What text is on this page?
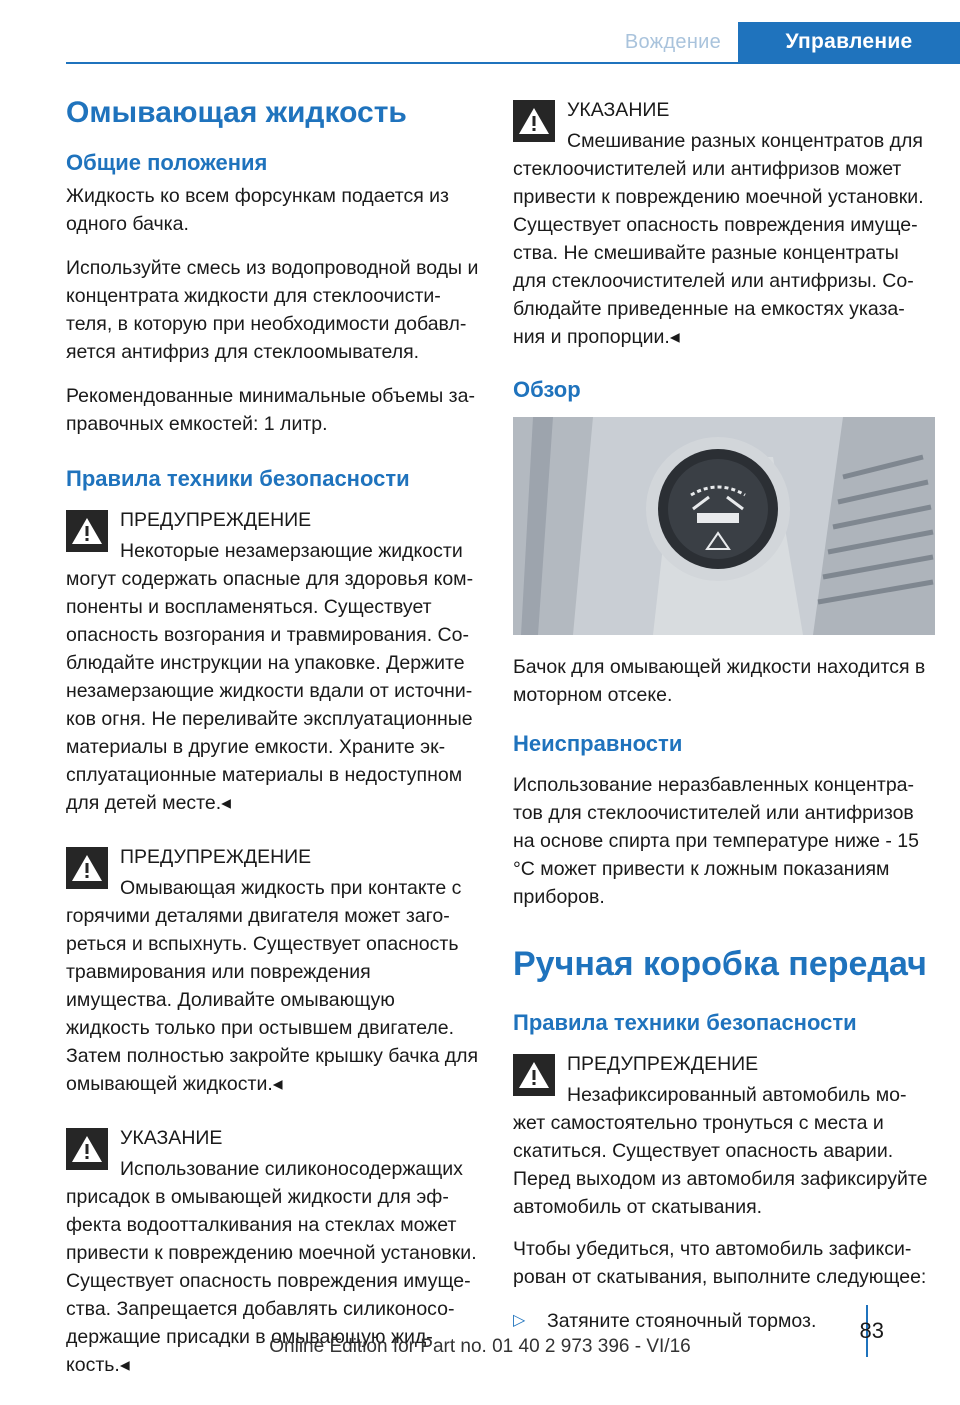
Вождение	Управление
Омывающая жидкость
Общие положения

Жидкость ко всем форсункам подается из одного бачка.

Используйте смесь из водопроводной воды и концентрата жидкости для стеклоочисти-теля, в которую при необходимости добавл-яется антифриз для стеклоомывателя.

Рекомендованные минимальные объемы за-правочных емкостей: 1 литр.

Правила техники безопасности
ПРЕДУПРЕЖДЕНИЕ
Некоторые незамерзающие жидкости могут содержать опасные для здоровья ком-поненты и воспламеняться. Существует опасность возгорания и травмирования. Со-блюдайте инструкции на упаковке. Держите незамерзающие жидкости вдали от источни-ков огня. Не переливайте эксплуатационные материалы в другие емкости. Храните эк-сплуатационные материалы в недоступном для детей месте.◂
ПРЕДУПРЕЖДЕНИЕ
Омывающая жидкость при контакте с горячими деталями двигателя может заго-реться и вспыхнуть. Существует опасность травмирования или повреждения имущества. Доливайте омывающую жидкость только при остывшем двигателе. Затем полностью закройте крышку бачка для омывающей жидкости.◂
УКАЗАНИЕ
Использование силиконосодержащих присадок в омывающей жидкости для эф-фекта водоотталкивания на стеклах может привести к повреждению моечной установки. Существует опасность повреждения имуще-ства. Запрещается добавлять силиконосо-держащие присадки в омывающую жид-кость.◂
УКАЗАНИЕ
Смешивание разных концентратов для стеклоочистителей или антифризов может привести к повреждению моечной установки. Существует опасность повреждения имуще-ства. Не смешивайте разные концентраты для стеклоочистителей или антифризы. Со-блюдайте приведенные на емкостях указа-ния и пропорции.◂
Обзор

Бачок для омывающей жидкости находится в моторном отсеке.

Неисправности

Использование неразбавленных концентра-тов для стеклоочистителей или антифризов на основе спирта при температуре ниже - 15 °C может привести к ложным показаниям приборов.

Ручная коробка передач
Правила техники безопасности
ПРЕДУПРЕЖДЕНИЕ
Незафиксированный автомобиль мо-жет самостоятельно тронуться с места и скатиться. Существует опасность аварии. Перед выходом из автомобиля зафиксируйте автомобиль от скатывания.

Чтобы убедиться, что автомобиль зафикси-рован от скатывания, выполните следующее:

▷	Затяните стояночный тормоз. 83
Online Edition for Part no. 01 40 2 973 396 - VI/16
